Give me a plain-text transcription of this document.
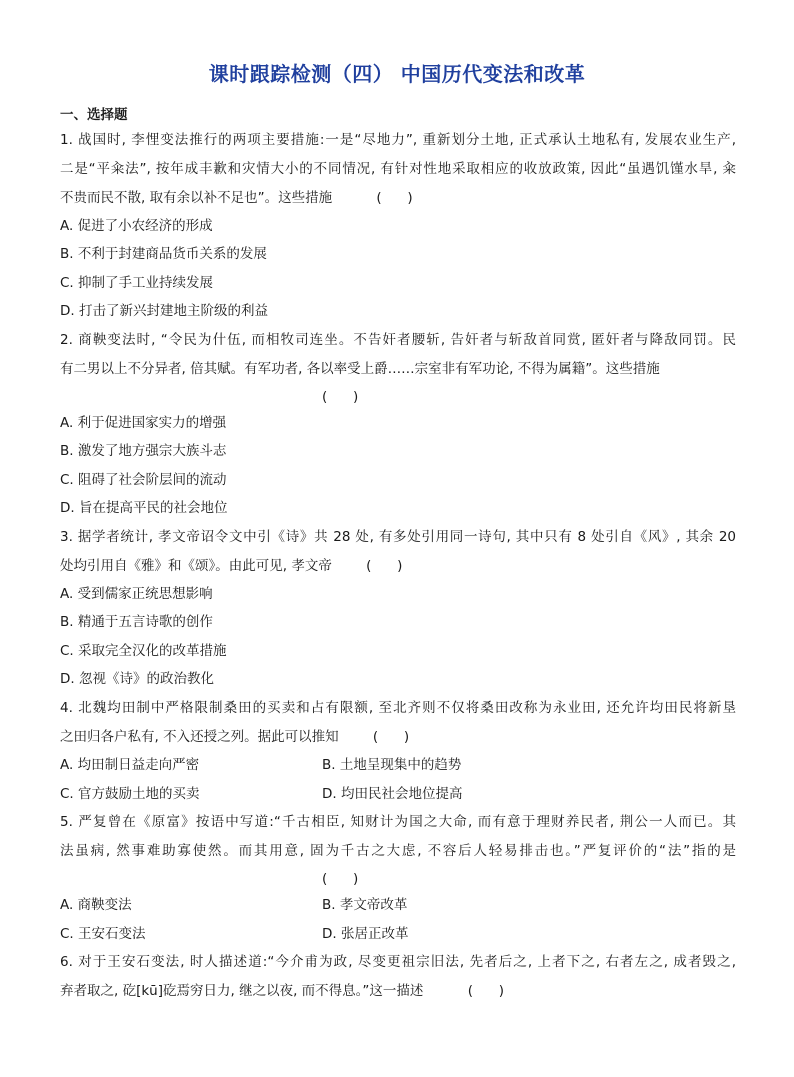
课时跟踪检测（四） 中国历代变法和改革
一、选择题
1. 战国时, 李悝变法推行的两项主要措施:一是“尽地力”, 重新划分土地, 正式承认土地私有, 发展农业生产,
二是“平籴法”, 按年成丰歉和灾情大小的不同情况, 有针对性地采取相应的收放政策, 因此“虽遇饥馑水旱, 籴
不贵而民不散, 取有余以补不足也”。这些措施	(      )
A. 促进了小农经济的形成
B. 不利于封建商品货币关系的发展
C. 抑制了手工业持续发展
D. 打击了新兴封建地主阶级的利益
2. 商鞅变法时, “令民为什伍, 而相牧司连坐。不告奸者腰斩, 告奸者与斩敌首同赏, 匿奸者与降敌同罚。民
有二男以上不分异者, 倍其赋。有军功者, 各以率受上爵……宗室非有军功论, 不得为属籍”。这些措施
(      )
A. 利于促进国家实力的增强
B. 激发了地方强宗大族斗志
C. 阻碍了社会阶层间的流动
D. 旨在提高平民的社会地位
3. 据学者统计, 孝文帝诏令文中引《诗》共 28 处, 有多处引用同一诗句, 其中只有 8 处引自《风》, 其余 20
处均引用自《雅》和《颂》。由此可见, 孝文帝	(      )
A. 受到儒家正统思想影响
B. 精通于五言诗歌的创作
C. 采取完全汉化的改革措施
D. 忽视《诗》的政治教化
4. 北魏均田制中严格限制桑田的买卖和占有限额, 至北齐则不仅将桑田改称为永业田, 还允许均田民将新垦
之田归各户私有, 不入还授之列。据此可以推知	(      )
A. 均田制日益走向严密	B. 土地呈现集中的趋势
C. 官方鼓励土地的买卖	D. 均田民社会地位提高
5. 严复曾在《原富》按语中写道:“千古相臣, 知财计为国之大命, 而有意于理财养民者, 荆公一人而已。其
法虽病, 然事难助寡使然。而其用意, 固为千古之大虑, 不容后人轻易排击也。”严复评价的“法”指的是
(      )
A. 商鞅变法	B. 孝文帝改革
C. 王安石变法	D. 张居正改革
6. 对于王安石变法, 时人描述道:“今介甫为政, 尽变更祖宗旧法, 先者后之, 上者下之, 右者左之, 成者毁之,
弃者取之, 矻[kū]矻焉穷日力, 继之以夜, 而不得息。”这一描述	(      )
